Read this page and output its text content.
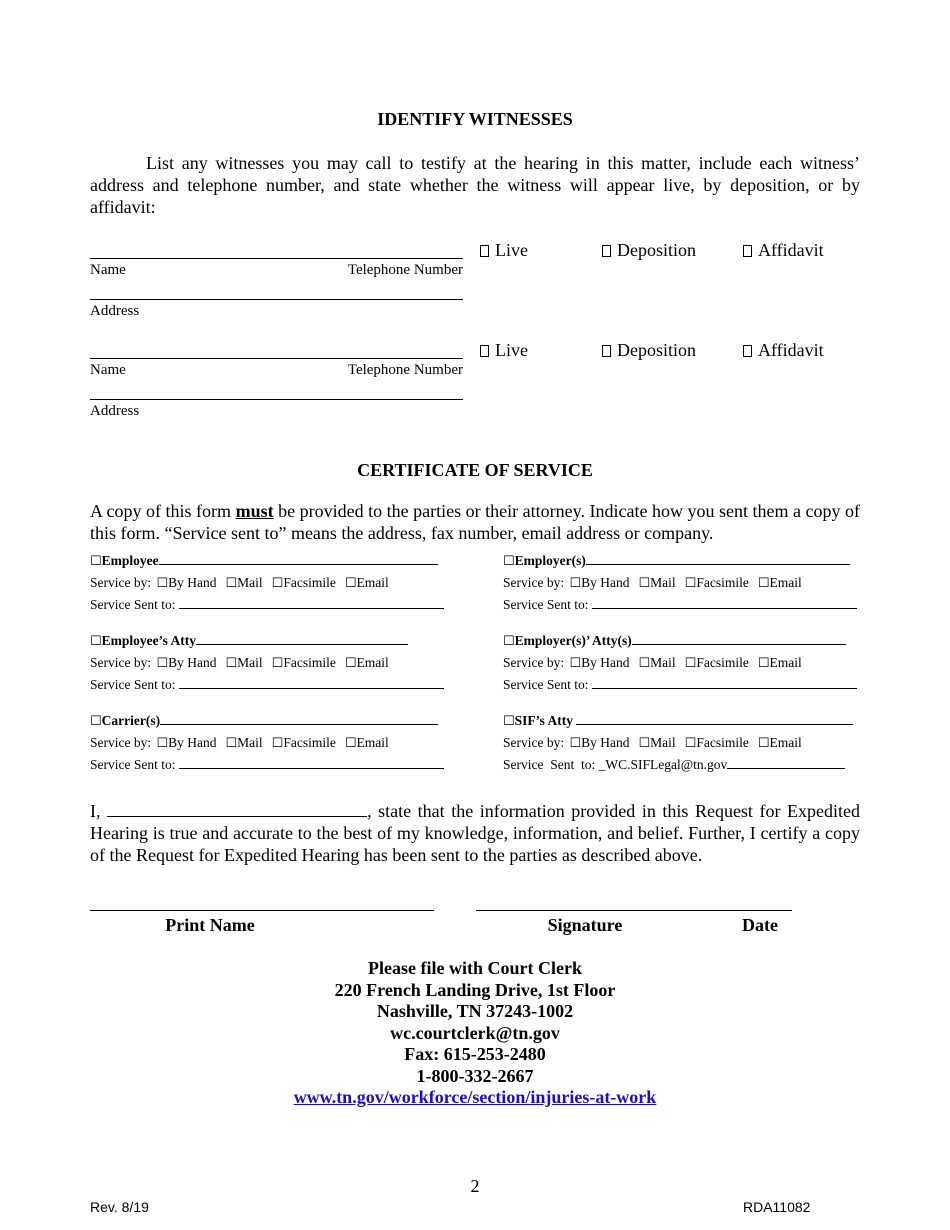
IDENTIFY WITNESSES
List any witnesses you may call to testify at the hearing in this matter, include each witness’ address and telephone number, and state whether the witness will appear live, by deposition, or by affidavit:
Name	Telephone Number
Address
Live	Deposition	Affidavit
Name	Telephone Number
Address
Live	Deposition	Affidavit
CERTIFICATE OF SERVICE
A copy of this form must be provided to the parties or their attorney. Indicate how you sent them a copy of this form. “Service sent to” means the address, fax number, email address or company.
☐Employee
Service by: ☐By Hand ☐Mail ☐Facsimile ☐Email
Service Sent to:
☐Employer(s)
Service by: ☐By Hand ☐Mail ☐Facsimile ☐Email
Service Sent to:
☐Employee’s Atty
Service by: ☐By Hand ☐Mail ☐Facsimile ☐Email
Service Sent to:
☐Employer(s)’ Atty(s)
Service by: ☐By Hand ☐Mail ☐Facsimile ☐Email
Service Sent to:
☐Carrier(s)
Service by: ☐By Hand ☐Mail ☐Facsimile ☐Email
Service Sent to:
☐SIF’s Atty
Service by: ☐By Hand ☐Mail ☐Facsimile ☐Email
Service  Sent  to: _WC.SIFLegal@tn.gov
I,	, state that the information provided in this Request for Expedited Hearing is true and accurate to the best of my knowledge, information, and belief. Further, I certify a copy of the Request for Expedited Hearing has been sent to the parties as described above.
Print Name	Signature	Date
Please file with Court Clerk
220 French Landing Drive, 1st Floor
Nashville, TN 37243-1002
wc.courtclerk@tn.gov
Fax: 615-253-2480
1-800-332-2667
www.tn.gov/workforce/section/injuries-at-work
2
Rev. 8/19	RDA11082
